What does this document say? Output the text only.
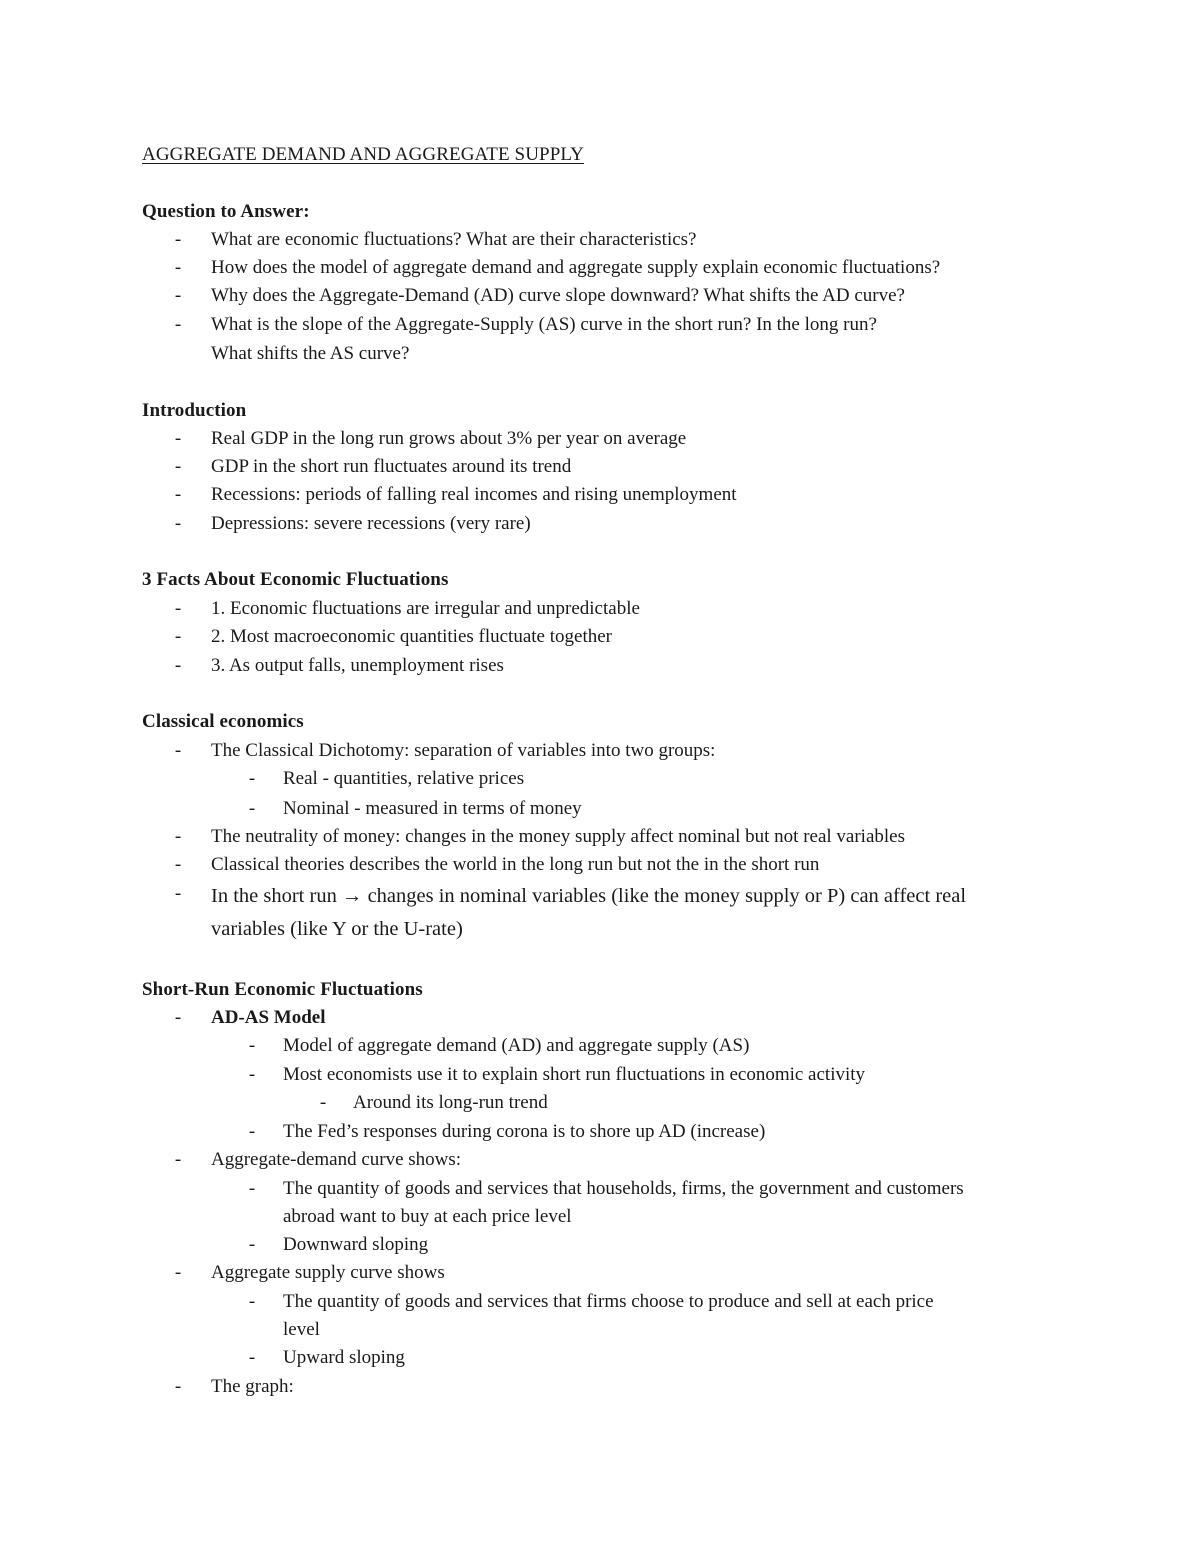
AGGREGATE DEMAND AND AGGREGATE SUPPLY
Question to Answer:
- What are economic fluctuations? What are their characteristics?
- How does the model of aggregate demand and aggregate supply explain economic fluctuations?
- Why does the Aggregate-Demand (AD) curve slope downward? What shifts the AD curve?
- What is the slope of the Aggregate-Supply (AS) curve in the short run? In the long run?
What shifts the AS curve?
Introduction
- Real GDP in the long run grows about 3% per year on average
- GDP in the short run fluctuates around its trend
- Recessions: periods of falling real incomes and rising unemployment
- Depressions: severe recessions (very rare)
3 Facts About Economic Fluctuations
- 1. Economic fluctuations are irregular and unpredictable
- 2. Most macroeconomic quantities fluctuate together
- 3. As output falls, unemployment rises
Classical economics
- The Classical Dichotomy: separation of variables into two groups:
- Real - quantities, relative prices
- Nominal - measured in terms of money
- The neutrality of money: changes in the money supply affect nominal but not real variables
- Classical theories describes the world in the long run but not the in the short run
- In the short run → changes in nominal variables (like the money supply or P) can affect real
variables (like Y or the U-rate)
Short-Run Economic Fluctuations
- AD-AS Model
- Model of aggregate demand (AD) and aggregate supply (AS)
- Most economists use it to explain short run fluctuations in economic activity
- Around its long-run trend
- The Fed’s responses during corona is to shore up AD (increase)
- Aggregate-demand curve shows:
- The quantity of goods and services that households, firms, the government and customers
abroad want to buy at each price level
- Downward sloping
- Aggregate supply curve shows
- The quantity of goods and services that firms choose to produce and sell at each price
level
- Upward sloping
- The graph:
